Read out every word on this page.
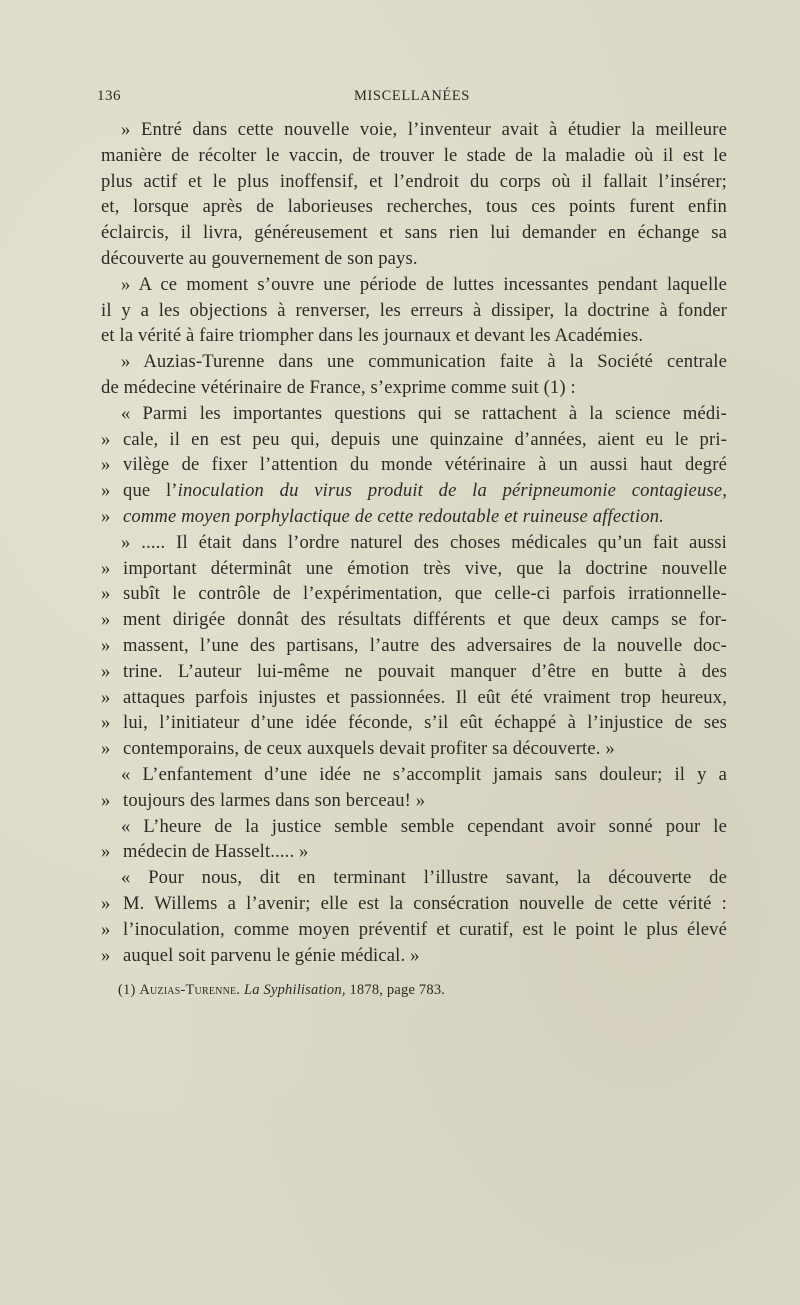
136	MISCELLANÉES
» Entré dans cette nouvelle voie, l’inventeur avait à étudier la meilleure
manière de récolter le vaccin, de trouver le stade de la maladie où il est le
plus actif et le plus inoffensif, et l’endroit du corps où il fallait l’insérer;
et, lorsque après de laborieuses recherches, tous ces points furent enfin
éclaircis, il livra, généreusement et sans rien lui demander en échange sa
découverte au gouvernement de son pays.
» A ce moment s’ouvre une période de luttes incessantes pendant laquelle
il y a les objections à renverser, les erreurs à dissiper, la doctrine à fonder
et la vérité à faire triompher dans les journaux et devant les Académies.
» Auzias-Turenne dans une communication faite à la Société centrale
de médecine vétérinaire de France, s’exprime comme suit (1) :
« Parmi les importantes questions qui se rattachent à la science médi-
» cale, il en est peu qui, depuis une quinzaine d’années, aient eu le pri-
» vilège de fixer l’attention du monde vétérinaire à un aussi haut degré
» que l’inoculation du virus produit de la péripneumonie contagieuse,
» comme moyen porphylactique de cette redoutable et ruineuse affection.
» ..... Il était dans l’ordre naturel des choses médicales qu’un fait aussi
» important déterminât une émotion très vive, que la doctrine nouvelle
» subît le contrôle de l’expérimentation, que celle-ci parfois irrationnelle-
» ment dirigée donnât des résultats différents et que deux camps se for-
» massent, l’une des partisans, l’autre des adversaires de la nouvelle doc-
» trine. L’auteur lui-même ne pouvait manquer d’être en butte à des
» attaques parfois injustes et passionnées. Il eût été vraiment trop heureux,
» lui, l’initiateur d’une idée féconde, s’il eût échappé à l’injustice de ses
» contemporains, de ceux auxquels devait profiter sa découverte. »
« L’enfantement d’une idée ne s’accomplit jamais sans douleur; il y a
» toujours des larmes dans son berceau! »
« L’heure de la justice semble semble cependant avoir sonné pour le
» médecin de Hasselt..... »
« Pour nous, dit en terminant l’illustre savant, la découverte de
» M. Willems a l’avenir; elle est la consécration nouvelle de cette vérité :
» l’inoculation, comme moyen préventif et curatif, est le point le plus élevé
» auquel soit parvenu le génie médical. »
(1) Auzias-Turenne. La Syphilisation, 1878, page 783.
